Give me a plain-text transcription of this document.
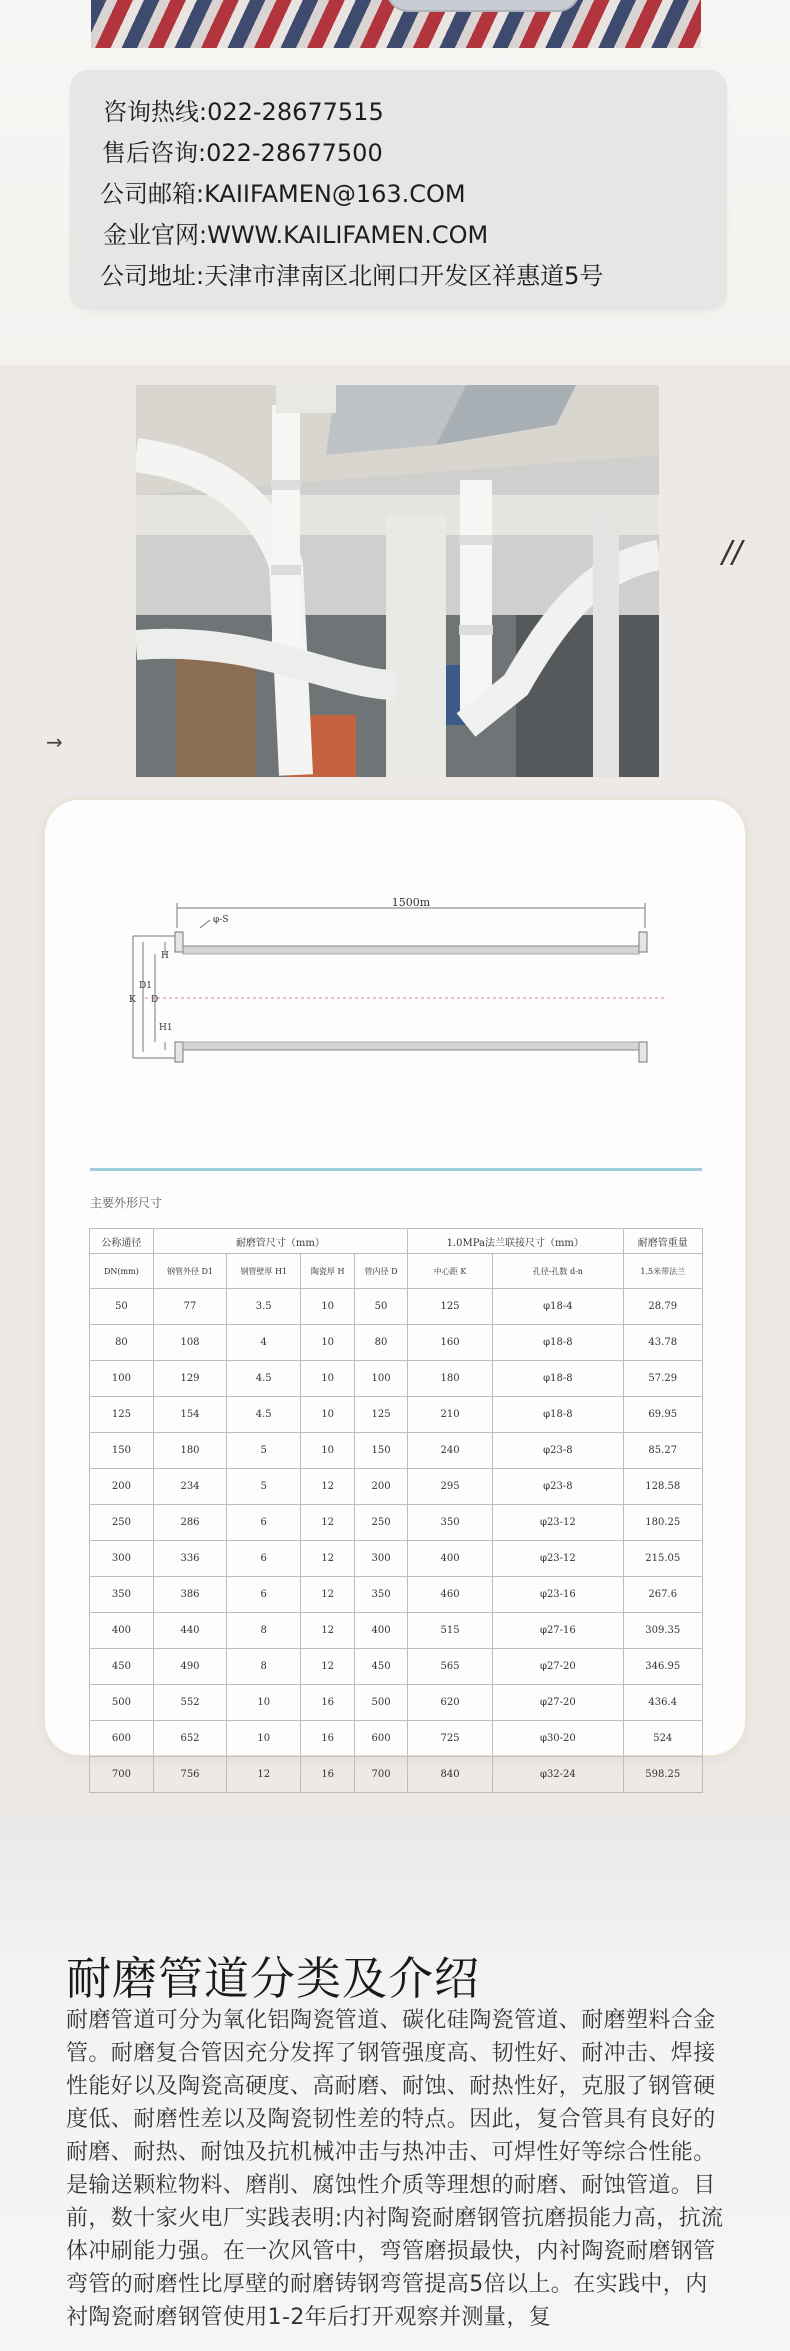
咨询热线:022-28677515
售后咨询:022-28677500
公司邮箱:KAIIFAMEN@163.COM
金业官网:WWW.KAILIFAMEN.COM
公司地址:天津市津南区北闸口开发区祥惠道5号
//
→
1500m
φ-S
K
D1
D
H
H1
主要外形尺寸
公称通径	耐磨管尺寸（mm）				1.0MPa法兰联接尺寸（mm）		耐磨管重量
DN(mm)	钢管外径 D1	钢管壁厚 H1	陶瓷厚 H	管内径 D	中心距 K	孔径-孔数 d-n	1.5米带法兰
50	77	3.5	10	50	125	φ18-4	28.79
80	108	4	10	80	160	φ18-8	43.78
100	129	4.5	10	100	180	φ18-8	57.29
125	154	4.5	10	125	210	φ18-8	69.95
150	180	5	10	150	240	φ23-8	85.27
200	234	5	12	200	295	φ23-8	128.58
250	286	6	12	250	350	φ23-12	180.25
300	336	6	12	300	400	φ23-12	215.05
350	386	6	12	350	460	φ23-16	267.6
400	440	8	12	400	515	φ27-16	309.35
450	490	8	12	450	565	φ27-20	346.95
500	552	10	16	500	620	φ27-20	436.4
600	652	10	16	600	725	φ30-20	524
700	756	12	16	700	840	φ32-24	598.25
耐磨管道分类及介绍
耐磨管道可分为氧化铝陶瓷管道、碳化硅陶瓷管道、耐磨塑料合金管。耐磨复合管因充分发挥了钢管强度高、韧性好、耐冲击、焊接性能好以及陶瓷高硬度、高耐磨、耐蚀、耐热性好，克服了钢管硬度低、耐磨性差以及陶瓷韧性差的特点。因此，复合管具有良好的耐磨、耐热、耐蚀及抗机械冲击与热冲击、可焊性好等综合性能。是输送颗粒物料、磨削、腐蚀性介质等理想的耐磨、耐蚀管道。目前，数十家火电厂实践表明:内衬陶瓷耐磨钢管抗磨损能力高，抗流体冲刷能力强。在一次风管中，弯管磨损最快，内衬陶瓷耐磨钢管弯管的耐磨性比厚壁的耐磨铸钢弯管提高5倍以上。在实践中，内衬陶瓷耐磨钢管使用1-2年后打开观察并测量，复
